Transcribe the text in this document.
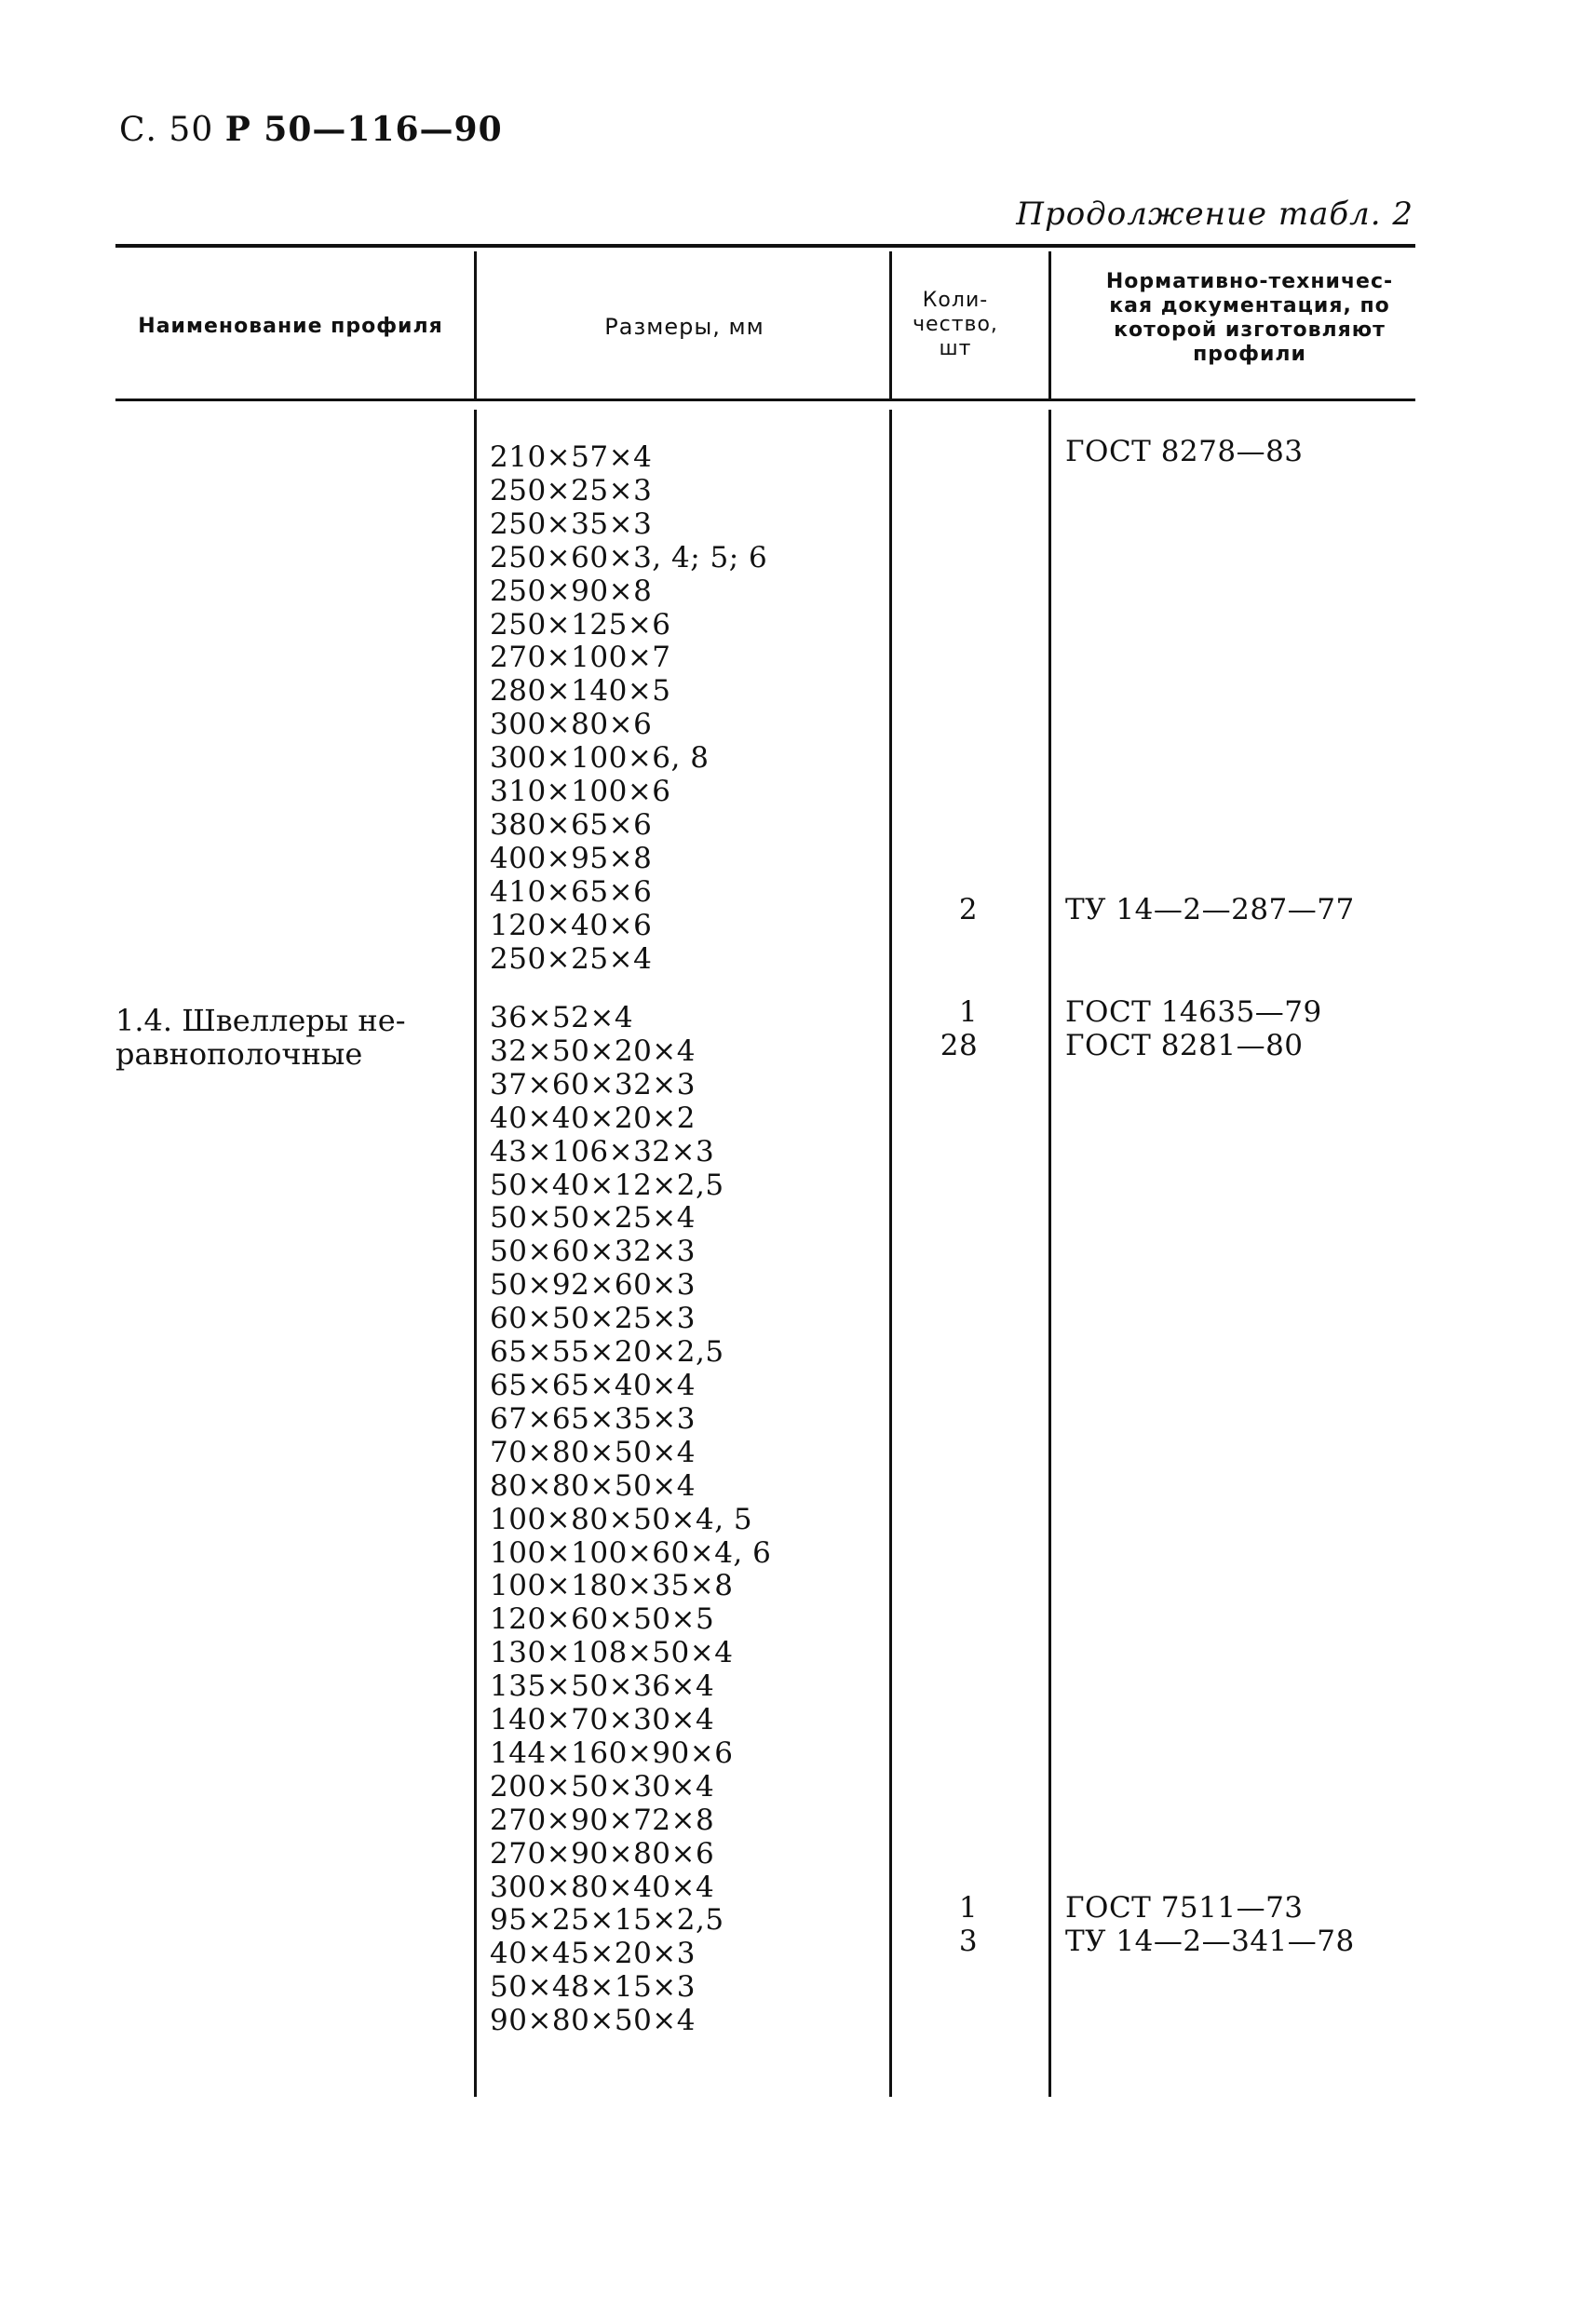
С. 50 Р 50—116—90
Продолжение табл. 2
Наименование профиля	Размеры, мм
Коли-
чество,
шт
Нормативно-техничес-
кая документация, по
которой изготовляют
профили
210×57×4
250×25×3
250×35×3
250×60×3, 4; 5; 6
250×90×8
250×125×6
270×100×7
280×140×5
300×80×6
300×100×6, 8
310×100×6
380×65×6
400×95×8
410×65×6
120×40×6
250×25×4
36×52×4
32×50×20×4
37×60×32×3
40×40×20×2
43×106×32×3
50×40×12×2,5
50×50×25×4
50×60×32×3
50×92×60×3
60×50×25×3
65×55×20×2,5
65×65×40×4
67×65×35×3
70×80×50×4
80×80×50×4
100×80×50×4, 5
100×100×60×4, 6
100×180×35×8
120×60×50×5
130×108×50×4
135×50×36×4
140×70×30×4
144×160×90×6
200×50×30×4
270×90×72×8
270×90×80×6
300×80×40×4
95×25×15×2,5
40×45×20×3
50×48×15×3
90×80×50×4
1.4. Швеллеры не-
равнополочные
2
1
28
1
3
ГОСТ 8278—83
ТУ 14—2—287—77
ГОСТ 14635—79
ГОСТ 8281—80
ГОСТ 7511—73
ТУ 14—2—341—78
